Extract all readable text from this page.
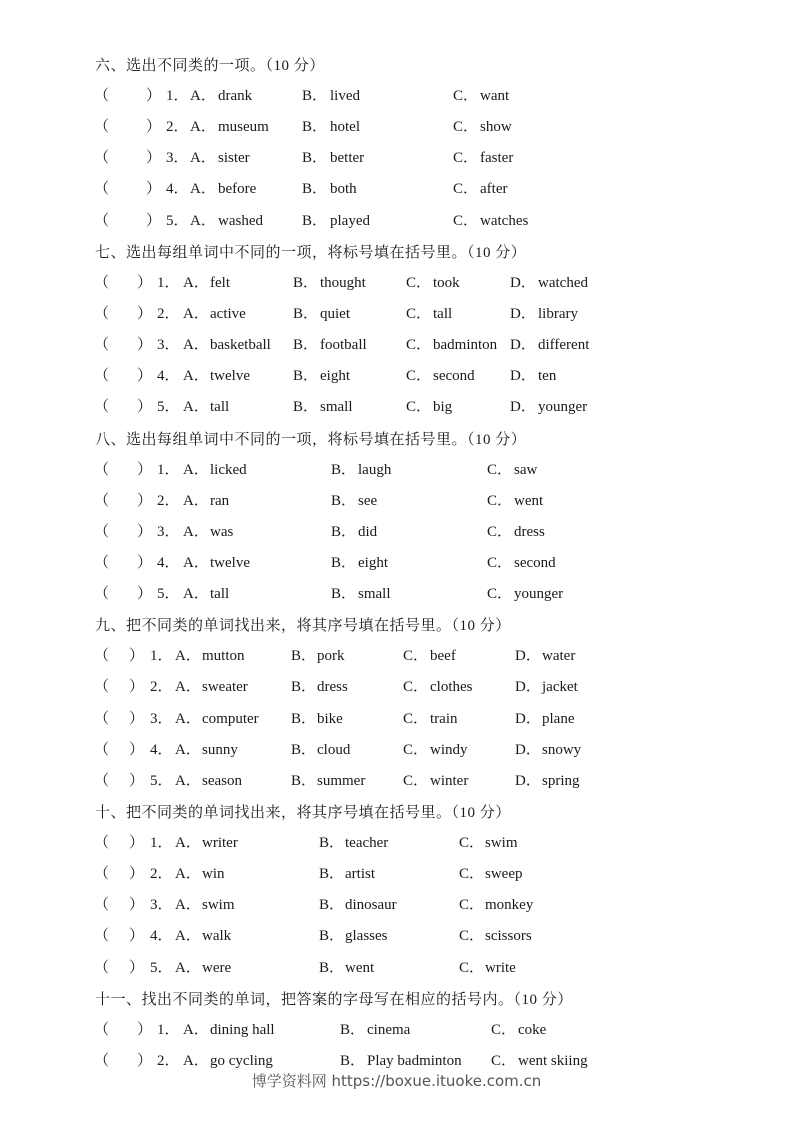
六、选出不同类的一项。（10 分）
（ ） 1． A． drank	B． lived	C． want
（ ） 2． A． museum B． hotel	C． show
（ ） 3． A． sister	B． better	C． faster
（ ） 4． A． before	B． both	C． after
（ ） 5． A． washed	B． played	C． watches
七、选出每组单词中不同的一项，将标号填在括号里。（10 分）
（ ） 1． A． felt	B． thought	C． took	D． watched
（ ） 2． A． active	B． quiet	C． tall	D． library
（ ） 3． A． basketball B． football	C． badminton D． different
（ ） 4． A． twelve	B． eight	C． second D． ten
（ ） 5． A． tall	B． small	C． big	D． younger
八、选出每组单词中不同的一项，将标号填在括号里。（10 分）
（ ） 1． A． licked	B． laugh	C． saw
（ ） 2． A． ran	B． see	C． went
（ ） 3． A． was	B． did	C． dress
（ ） 4． A． twelve	B． eight	C． second
（ ） 5． A． tall	B． small	C． younger
九、把不同类的单词找出来，将其序号填在括号里。（10 分）
（ ） 1． A． mutton	B． pork	C． beef	D． water
（ ） 2． A． sweater	B． dress	C． clothes	D． jacket
（ ） 3． A． computer B． bike	C． train	D． plane
（ ） 4． A． sunny	B． cloud	C． windy	D． snowy
（ ） 5． A． season	B． summer	C． winter	D． spring
十、把不同类的单词找出来，将其序号填在括号里。（10 分）
（ ） 1． A． writer	B． teacher	C． swim
（ ） 2． A． win	B． artist	C． sweep
（ ） 3． A． swim	B． dinosaur	C． monkey
（ ） 4． A． walk	B． glasses	C． scissors
（ ） 5． A． were	B． went	C． write
十一、找出不同类的单词，把答案的字母写在相应的括号内。（10 分）
（ ） 1． A． dining hall	B． cinema	C． coke
（ ） 2． A． go cycling	B． Play badminton C． went skiing
博学资料网 https://boxue.ituoke.com.cn
